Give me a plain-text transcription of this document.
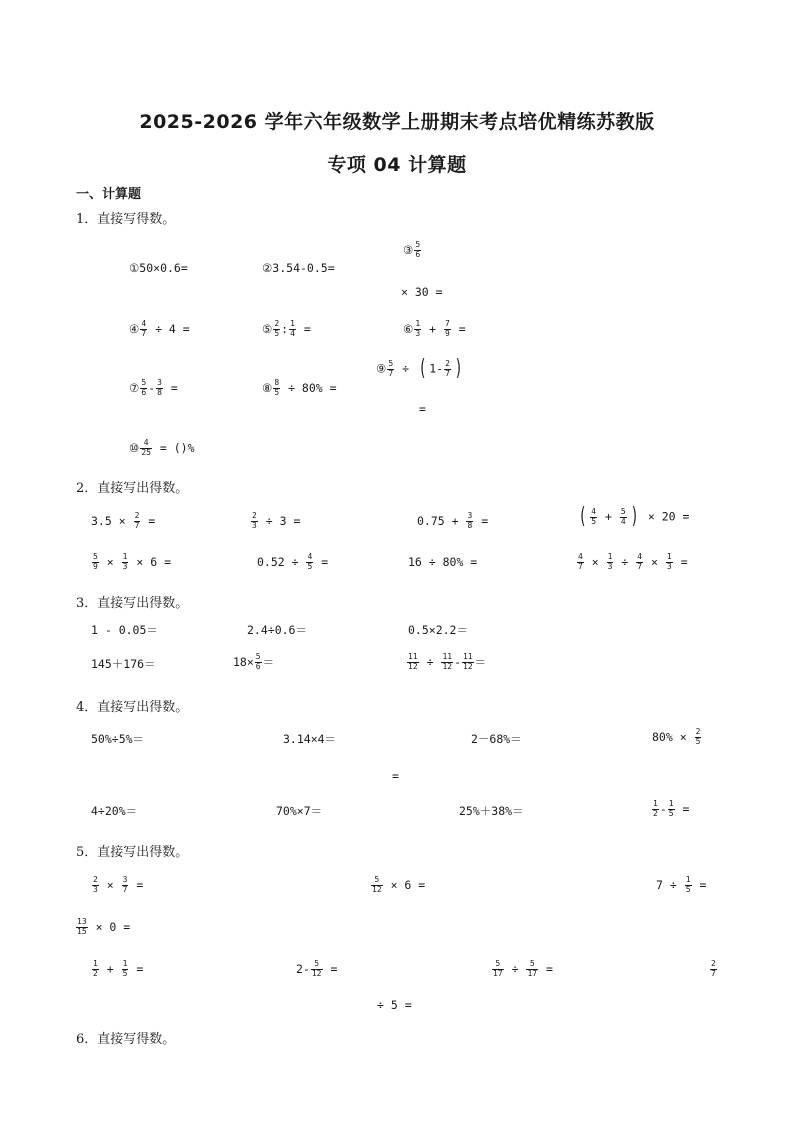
2025-2026 学年六年级数学上册期末考点培优精练苏教版
专项 04 计算题
一、计算题
1．直接写得数。
2．直接写出得数。
3．直接写出得数。
4．直接写出得数。
5．直接写出得数。
6．直接写得数。
①50×0.6=	②3.54-0.5=
③ $\frac{5}{6}$
× 30 =
④ $\frac{4}{7} \div 4$ =	⑤ $\frac{2}{5}$ : $\frac{1}{4}$ =	⑥ $\frac{1}{3} + \frac{7}{9}$ =
⑦ $\frac{5}{6} - \frac{3}{8}$ =	⑧ $\frac{8}{5} \div 80\%$ =
⑨ $\frac{5}{7}$ ÷ ( $1- \frac{2}{7}$ )
=
⑩ $\frac{4}{25}$ = ()%
$3.5 \times \frac{2}{7}$ =	$\frac{2}{3} \div 3$ =	$0.75 + \frac{3}{8}$ =	( $\frac{4}{5} + \frac{5}{4}$ ) × 20 =
$\frac{5}{9} \times \frac{1}{3} \times 6$ =	$0.52 \div \frac{4}{5}$ =	16 ÷ 80% =	$\frac{4}{7} \times \frac{1}{3} \div \frac{4}{7} \times \frac{1}{3}$ =
1 - 0.05＝	2.4÷0.6＝	0.5×2.2＝
145＋176＝	$18\times \frac{5}{6}$ ＝	$\frac{11}{12} \div \frac{11}{12} - \frac{11}{12}$ ＝
50%÷5%＝	3.14×4＝	2－68%＝	$80\% \times \frac{2}{5}$
=
4÷20%＝	70%×7＝	25%＋38%＝	$\frac{1}{2} - \frac{1}{5}$ =
$\frac{2}{3} \times \frac{3}{7}$ =	$\frac{5}{12} \times 6$ =	$7 \div \frac{1}{5}$ =
$\frac{13}{15} \times 0$ =
$\frac{1}{2} + \frac{1}{5}$ =	$2- \frac{5}{12}$ =	$\frac{5}{17} \div \frac{5}{17}$ =	$\frac{2}{7}$
÷ 5 =
